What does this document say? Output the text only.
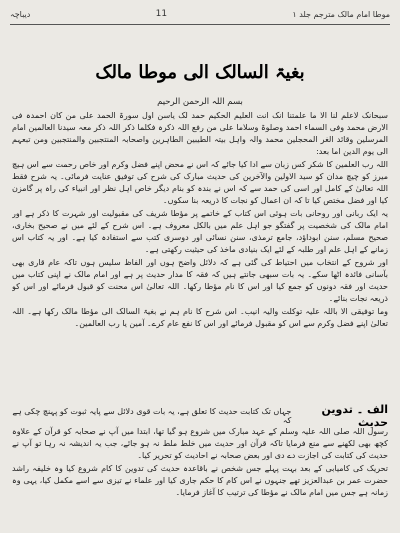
دیباچہ	11	موطا امام مالک مترجم جلد ۱
بغیۃ السالک الی موطا مالک
بسم اللہ الرحمن الرحیم

سبحانک لاعلم لنا الا ما علمتنا انک انت العلیم الحکیم حمد لک یاسن اول سورۃ الحمد علی من کان احمدہ فی الارض محمد وفی السماء احمد وصلوۃ وسلاما علی من رفع اللہ ذکرہ فکلما ذکر اللہ ذکر معہ سیدنا العالمین امام المرسلین وقائد الغر المحجلین محمد والہ واہل بیتہ الطیبین الطاہرین واصحابہ المنتجبین والمنتجبین ومن تبعہم الی یوم الدین اما بعد:

اللہ رب العلمین کا شکر کس زبان سے ادا کیا جائے کہ اس نے محض اپنے فضل وکرم اور خاص رحمت سے اس ہیچ میرز کو چیچ مدان کو سید الاولین والآخرین کی حدیث مبارک کی شرح کی توفیق عنایت فرمائی۔ یہ شرح فقط اللہ تعالیٰ کے کامل اور اسی کی حمد سے کہ اس نے بندہ کو بنام دیگر خاص اہل نظر اور انبیاء کی راہ پر گامزن کیا اور فضل مختص کیا تا کہ ان اعمال کو نجات کا ذریعہ بنا سکوں۔

یہ ایک ربانی اور روحانی بات ہوئی اس کتاب کے خاتمے پر مؤطا شریف کی مقبولیت اور شہرت کا ذکر ہے اور امام مالک کی شخصیت پر گفتگو جو اہل علم میں بالکل معروف ہے۔ اس شرح کے لئے میں نے صحیح بخاری، صحیح مسلم، سنن ابوداؤد، جامع ترمذی، سنن نسائی اور دوسری کتب سے استفادہ کیا ہے۔ اور یہ کتاب اس زمانے کے اہل علم اور طلبہ کے لئے ایک بنیادی ماخذ کی حیثیت رکھتی ہے۔

اور شروح کے انتخاب میں احتیاط کی گئی ہے کہ دلائل واضح ہوں اور الفاظ سلیس ہوں تاکہ عام قاری بھی بآسانی فائدہ اٹھا سکے۔ یہ بات سبھی جانتے ہیں کہ فقہ کا مدار حدیث پر ہے اور امام مالک نے اپنی کتاب میں حدیث اور فقہ دونوں کو جمع کیا اور اس کا نام مؤطا رکھا۔ اللہ تعالیٰ اس محنت کو قبول فرمائے اور اس کو ذریعہ نجات بنائے۔

وما توفیقی الا باللہ علیہ توکلت والیہ انیب۔ اس شرح کا نام ہم نے بغیۃ السالک الی مؤطا مالک رکھا ہے۔ اللہ تعالیٰ اپنے فضل وکرم سے اس کو مقبول فرمائے اور اس کا نفع عام کرے۔ آمین یا رب العالمین۔

الف ۔ تدوین حدیث
جہاں تک کتابت حدیث کا تعلق ہے، یہ بات قوی دلائل سے پایہ ثبوت کو پہنچ چکی ہے کہ

رسول اللہ صلی اللہ علیہ وسلم کے عہد مبارک میں شروع ہو گیا تھا، ابتدا میں آپ نے صحابہ کو قرآن کے علاوہ کچھ بھی لکھنے سے منع فرمایا تاکہ قرآن اور حدیث میں خلط ملط نہ ہو جائے، جب یہ اندیشہ نہ رہا تو آپ نے حدیث کی کتابت کی اجازت دے دی اور بعض صحابہ نے احادیث کو تحریر کیا۔

تحریک کی کامیابی کے بعد بہت پہلے جس شخص نے باقاعدہ حدیث کی تدوین کا کام شروع کیا وہ خلیفہ راشد حضرت عمر بن عبدالعزیز تھے جنہوں نے اس کام کا حکم جاری کیا اور علماء نے تیزی سے اسے مکمل کیا، یہی وہ زمانہ ہے جس میں امام مالک نے مؤطا کی ترتیب کا آغاز فرمایا۔
